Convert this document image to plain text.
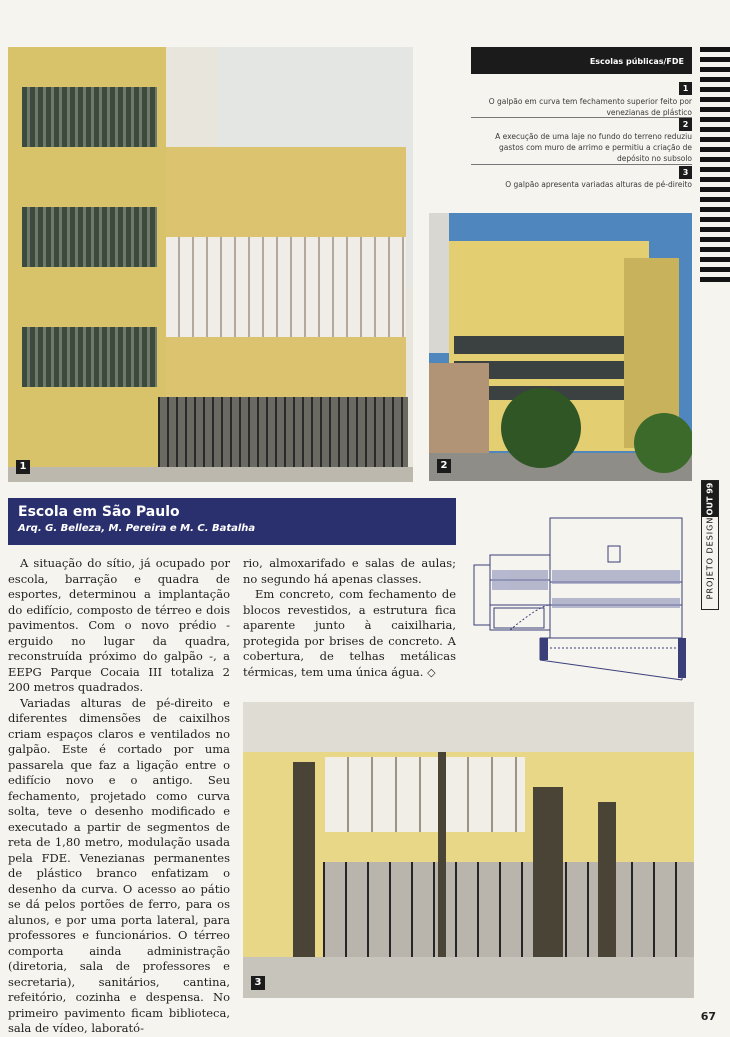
1
Escolas públicas/FDE
1
O galpão em curva tem fechamento superior feito por venezianas de plástico
2
A execução de uma laje no fundo do terreno reduziu gastos com muro de arrimo e permitiu a criação de depósito no subsolo
3
O galpão apresenta variadas alturas de pé-direito
2
OUT 99
PROJETO DESIGN
Escola em São Paulo
Arq. G. Belleza, M. Pereira e M. C. Batalha

A situação do sítio, já ocupado por escola, barração e quadra de esportes, determinou a implantação do edifício, composto de térreo e dois pavimentos. Com o novo prédio - erguido no lugar da quadra, reconstruída próximo do galpão -, a EEPG Parque Cocaia III totaliza 2 200 metros quadrados.

Variadas alturas de pé-direito e diferentes dimensões de caixilhos criam espaços claros e ventilados no galpão. Este é cortado por uma passarela que faz a ligação entre o edifício novo e o antigo. Seu fechamento, projetado como curva solta, teve o desenho modificado e executado a partir de segmentos de reta de 1,80 metro, modulação usada pela FDE. Venezianas permanentes de plástico branco enfatizam o desenho da curva. O acesso ao pátio se dá pelos portões de ferro, para os alunos, e por uma porta lateral, para professores e funcionários. O térreo comporta ainda administração (diretoria, sala de professores e secretaria), sanitários, cantina, refeitório, cozinha e despensa. No primeiro pavimento ficam biblioteca, sala de vídeo, laborató-

rio, almoxarifado e salas de aulas; no segundo há apenas classes.

Em concreto, com fechamento de blocos revestidos, a estrutura fica aparente junto à caixilharia, protegida por brises de concreto. A cobertura, de telhas metálicas térmicas, tem uma única água. ◇

3
67
